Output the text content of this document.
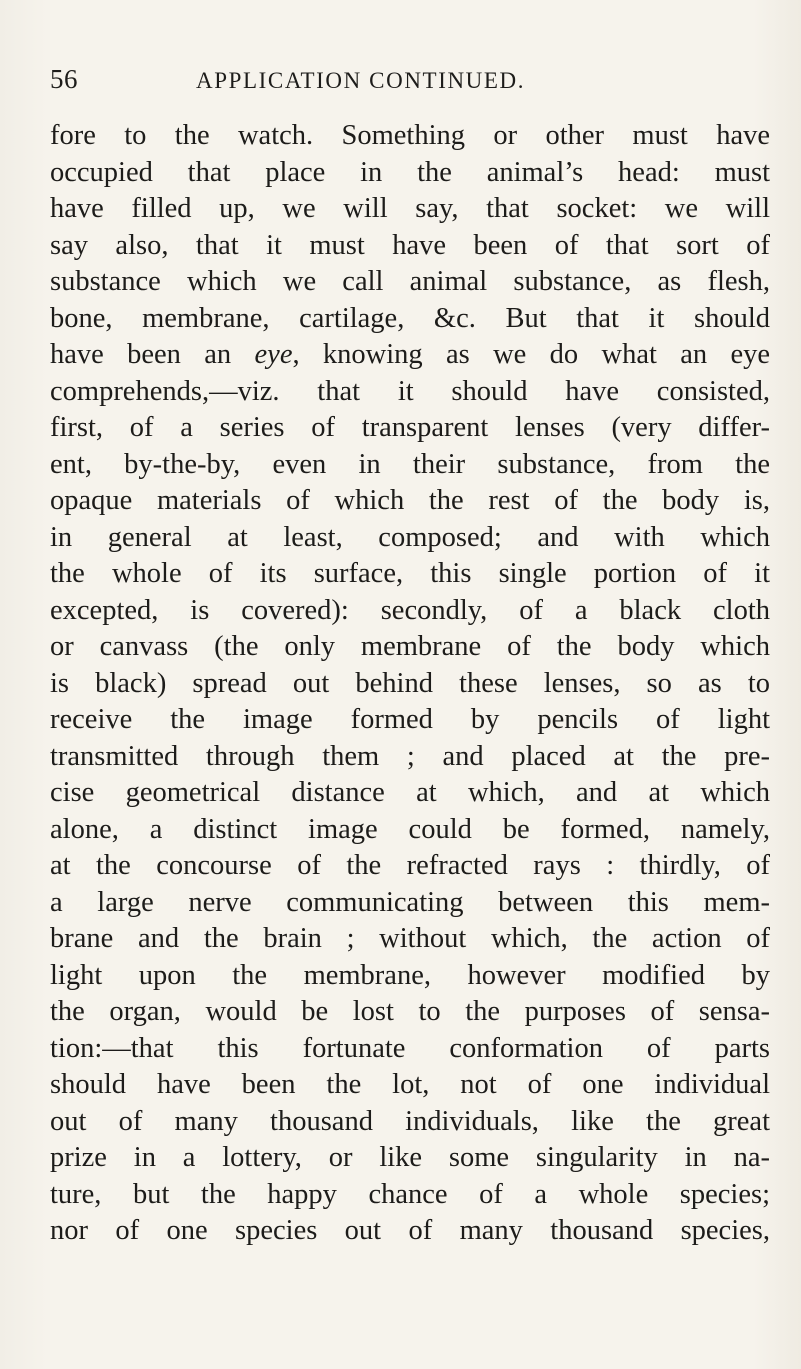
56	APPLICATION CONTINUED.
fore to the watch. Something or other must have
occupied that place in the animal’s head: must
have filled up, we will say, that socket: we will
say also, that it must have been of that sort of
substance which we call animal substance, as flesh,
bone, membrane, cartilage, &c. But that it should
have been an eye, knowing as we do what an eye
comprehends,—viz. that it should have consisted,
first, of a series of transparent lenses (very differ-
ent, by-the-by, even in their substance, from the
opaque materials of which the rest of the body is,
in general at least, composed; and with which
the whole of its surface, this single portion of it
excepted, is covered): secondly, of a black cloth
or canvass (the only membrane of the body which
is black) spread out behind these lenses, so as to
receive the image formed by pencils of light
transmitted through them ; and placed at the pre-
cise geometrical distance at which, and at which
alone, a distinct image could be formed, namely,
at the concourse of the refracted rays : thirdly, of
a large nerve communicating between this mem-
brane and the brain ; without which, the action of
light upon the membrane, however modified by
the organ, would be lost to the purposes of sensa-
tion:—that this fortunate conformation of parts
should have been the lot, not of one individual
out of many thousand individuals, like the great
prize in a lottery, or like some singularity in na-
ture, but the happy chance of a whole species;
nor of one species out of many thousand species,
